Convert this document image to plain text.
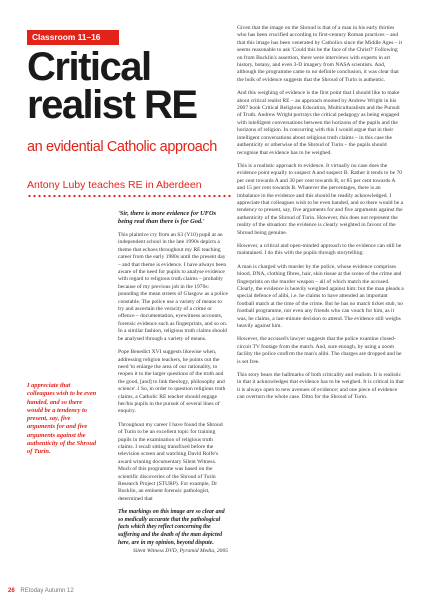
Classroom 11–16
Critical
realist RE
an evidential Catholic approach
Antony Luby teaches RE in Aberdeen
I appreciate that colleagues wish to be even handed, and so there would be a tendency to present, say, five arguments for and five arguments against the authenticity of the Shroud of Turin.

'Sir, there is more evidence for UFOs being real than there is for God.'

This plaintive cry from an S3 (Y10) pupil at an independent school in the late 1990s depicts a theme that echoes throughout my RE teaching career from the early 1980s until the present day – and that theme is evidence. I have always been aware of the need for pupils to analyse evidence with regard to religious truth claims – probably because of my previous job in the 1970s: pounding the mean streets of Glasgow as a police constable. The police use a variety of means to try and ascertain the veracity of a crime or offence – documentation, eyewitness accounts, forensic evidence such as fingerprints, and so on. In a similar fashion, religious truth claims should be analysed through a variety of means.

Pope Benedict XVI suggests likewise when, addressing religion teachers, he points out the need 'to enlarge the area of our rationality, to reopen it to the larger questions of the truth and the good, [and] to link theology, philosophy and science'.1 So, in order to question religious truth claims, a Catholic RE teacher should engage her/his pupils in the pursuit of several lines of enquiry.

Throughout my career I have found the Shroud of Turin to be an excellent topic for training pupils in the examination of religious truth claims. I recall sitting transfixed before the television screen and watching David Rolfe's award winning documentary Silent Witness. Much of this programme was based on the scientific discoveries of the Shroud of Turin Research Project (STURP). For example, Dr Bucklin, an eminent forensic pathologist, determined that

The markings on this image are so clear and so medically accurate that the pathological facts which they reflect concerning the suffering and the death of the man depicted here, are in my opinion, beyond dispute.

Silent Witness DVD, Pyramid Media, 2005

Given that the image on the Shroud is that of a man in his early thirties who has been crucified according to first-century Roman practices – and that this image has been venerated by Catholics since the Middle Ages – it seems reasonable to ask 'Could this be the face of the Christ?' Following on from Bucklin's assertion, there were interviews with experts in art history, botany, and even 3-D imagery from NASA scientists. And, although the programme came to no definite conclusion, it was clear that the bulk of evidence suggests that the Shroud of Turin is authentic.

And this weighing of evidence is the first point that I should like to make about critical realist RE – an approach mooted by Andrew Wright in his 2007 book Critical Religious Education, Multiculturalism and the Pursuit of Truth. Andrew Wright portrays the critical pedagogy as being engaged with intelligent conversations between the horizons of the pupils and the horizons of religion. In concurring with this I would argue that in their intelligent conversations about religious truth claims – in this case the authenticity or otherwise of the Shroud of Turin – the pupils should recognise that evidence has to be weighed.

This is a realistic approach to evidence. It virtually no case does the evidence point equally to suspect A and suspect B. Rather it tends to be 70 per cent towards A and 30 per cent towards B, or 85 per cent towards A and 15 per cent towards B. Whatever the percentages, there is an imbalance in the evidence and this should be readily acknowledged. I appreciate that colleagues wish to be even handed, and so there would be a tendency to present, say, five arguments for and five arguments against the authenticity of the Shroud of Turin. However, this does not represent the reality of the situation: the evidence is clearly weighted in favour of the Shroud being genuine.

However, a critical and open-minded approach to the evidence can still be maintained. I do this with the pupils through storytelling:

A man is charged with murder by the police, whose evidence comprises blood, DNA, clothing fibres, hair, skin tissue at the scene of the crime and fingerprints on the murder weapon – all of which match the accused. Clearly, the evidence is heavily weighted against him: but the man pleads a special defence of alibi, i.e. he claims to have attended an important football match at the time of the crime. But he has no match ticket stub, no football programme, nor even any friends who can vouch for him, as it was, he claims, a last-minute decision to attend. The evidence still weighs heavily against him.

However, the accused's lawyer suggests that the police examine closed-circuit TV footage from the match. And, sure enough, by using a zoom facility the police confirm the man's alibi. The charges are dropped and he is set free.

This story bears the hallmarks of both criticality and realism. It is realistic in that it acknowledges that evidence has to be weighed. It is critical in that it is always open to new avenues of evidence; and one piece of evidence can overturn the whole case. Ditto for the Shroud of Turin.

26 REtoday Autumn 12
